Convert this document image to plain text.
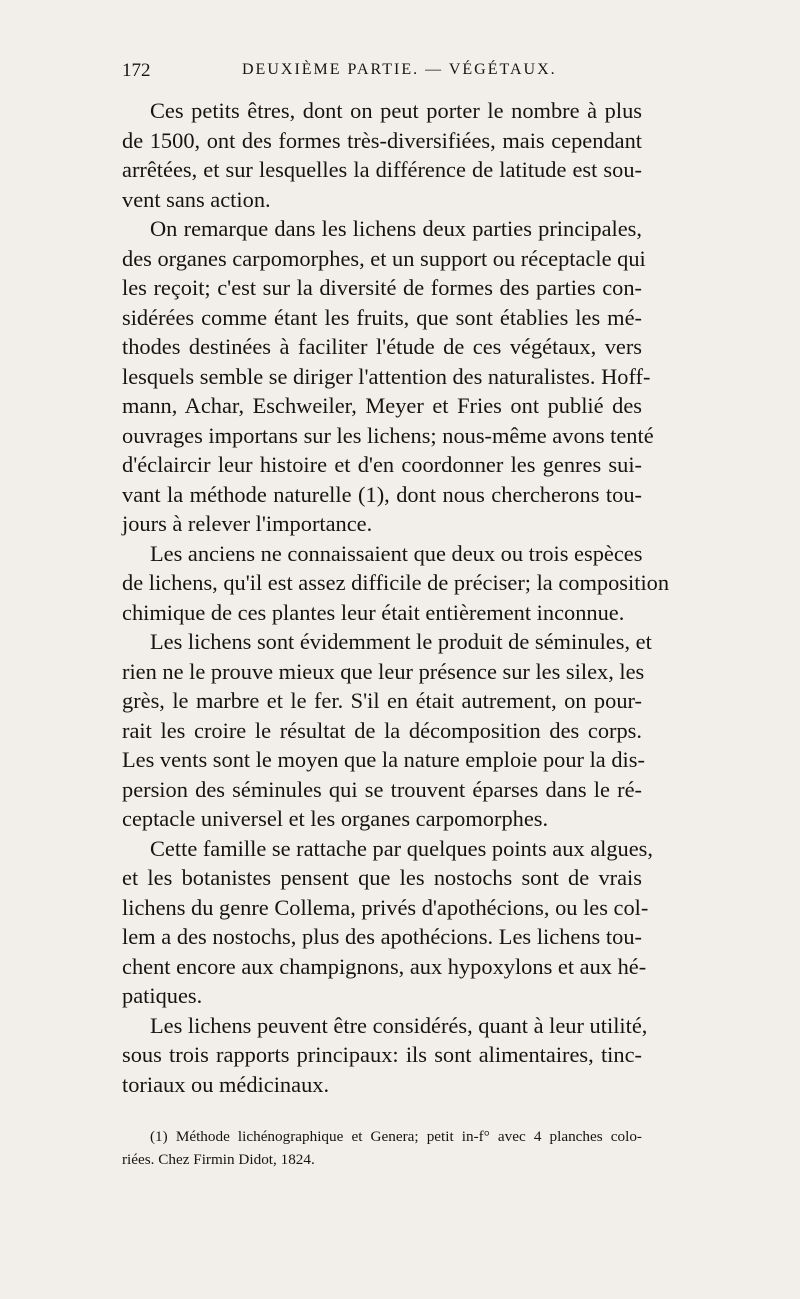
172	DEUXIÈME PARTIE. — VÉGÉTAUX.
Ces petits êtres, dont on peut porter le nombre à plus
de 1500, ont des formes très-diversifiées, mais cependant
arrêtées, et sur lesquelles la différence de latitude est sou-
vent sans action.
On remarque dans les lichens deux parties principales,
des organes carpomorphes, et un support ou réceptacle qui
les reçoit; c'est sur la diversité de formes des parties con-
sidérées comme étant les fruits, que sont établies les mé-
thodes destinées à faciliter l'étude de ces végétaux, vers
lesquels semble se diriger l'attention des naturalistes. Hoff-
mann, Achar, Eschweiler, Meyer et Fries ont publié des
ouvrages importans sur les lichens; nous-même avons tenté
d'éclaircir leur histoire et d'en coordonner les genres sui-
vant la méthode naturelle (1), dont nous chercherons tou-
jours à relever l'importance.
Les anciens ne connaissaient que deux ou trois espèces
de lichens, qu'il est assez difficile de préciser; la composition
chimique de ces plantes leur était entièrement inconnue.
Les lichens sont évidemment le produit de séminules, et
rien ne le prouve mieux que leur présence sur les silex, les
grès, le marbre et le fer. S'il en était autrement, on pour-
rait les croire le résultat de la décomposition des corps.
Les vents sont le moyen que la nature emploie pour la dis-
persion des séminules qui se trouvent éparses dans le ré-
ceptacle universel et les organes carpomorphes.
Cette famille se rattache par quelques points aux algues,
et les botanistes pensent que les nostochs sont de vrais
lichens du genre Collema, privés d'apothécions, ou les col-
lem a des nostochs, plus des apothécions. Les lichens tou-
chent encore aux champignons, aux hypoxylons et aux hé-
patiques.
Les lichens peuvent être considérés, quant à leur utilité,
sous trois rapports principaux: ils sont alimentaires, tinc-
toriaux ou médicinaux.
(1) Méthode lichénographique et Genera; petit in-f° avec 4 planches colo-
riées. Chez Firmin Didot, 1824.
